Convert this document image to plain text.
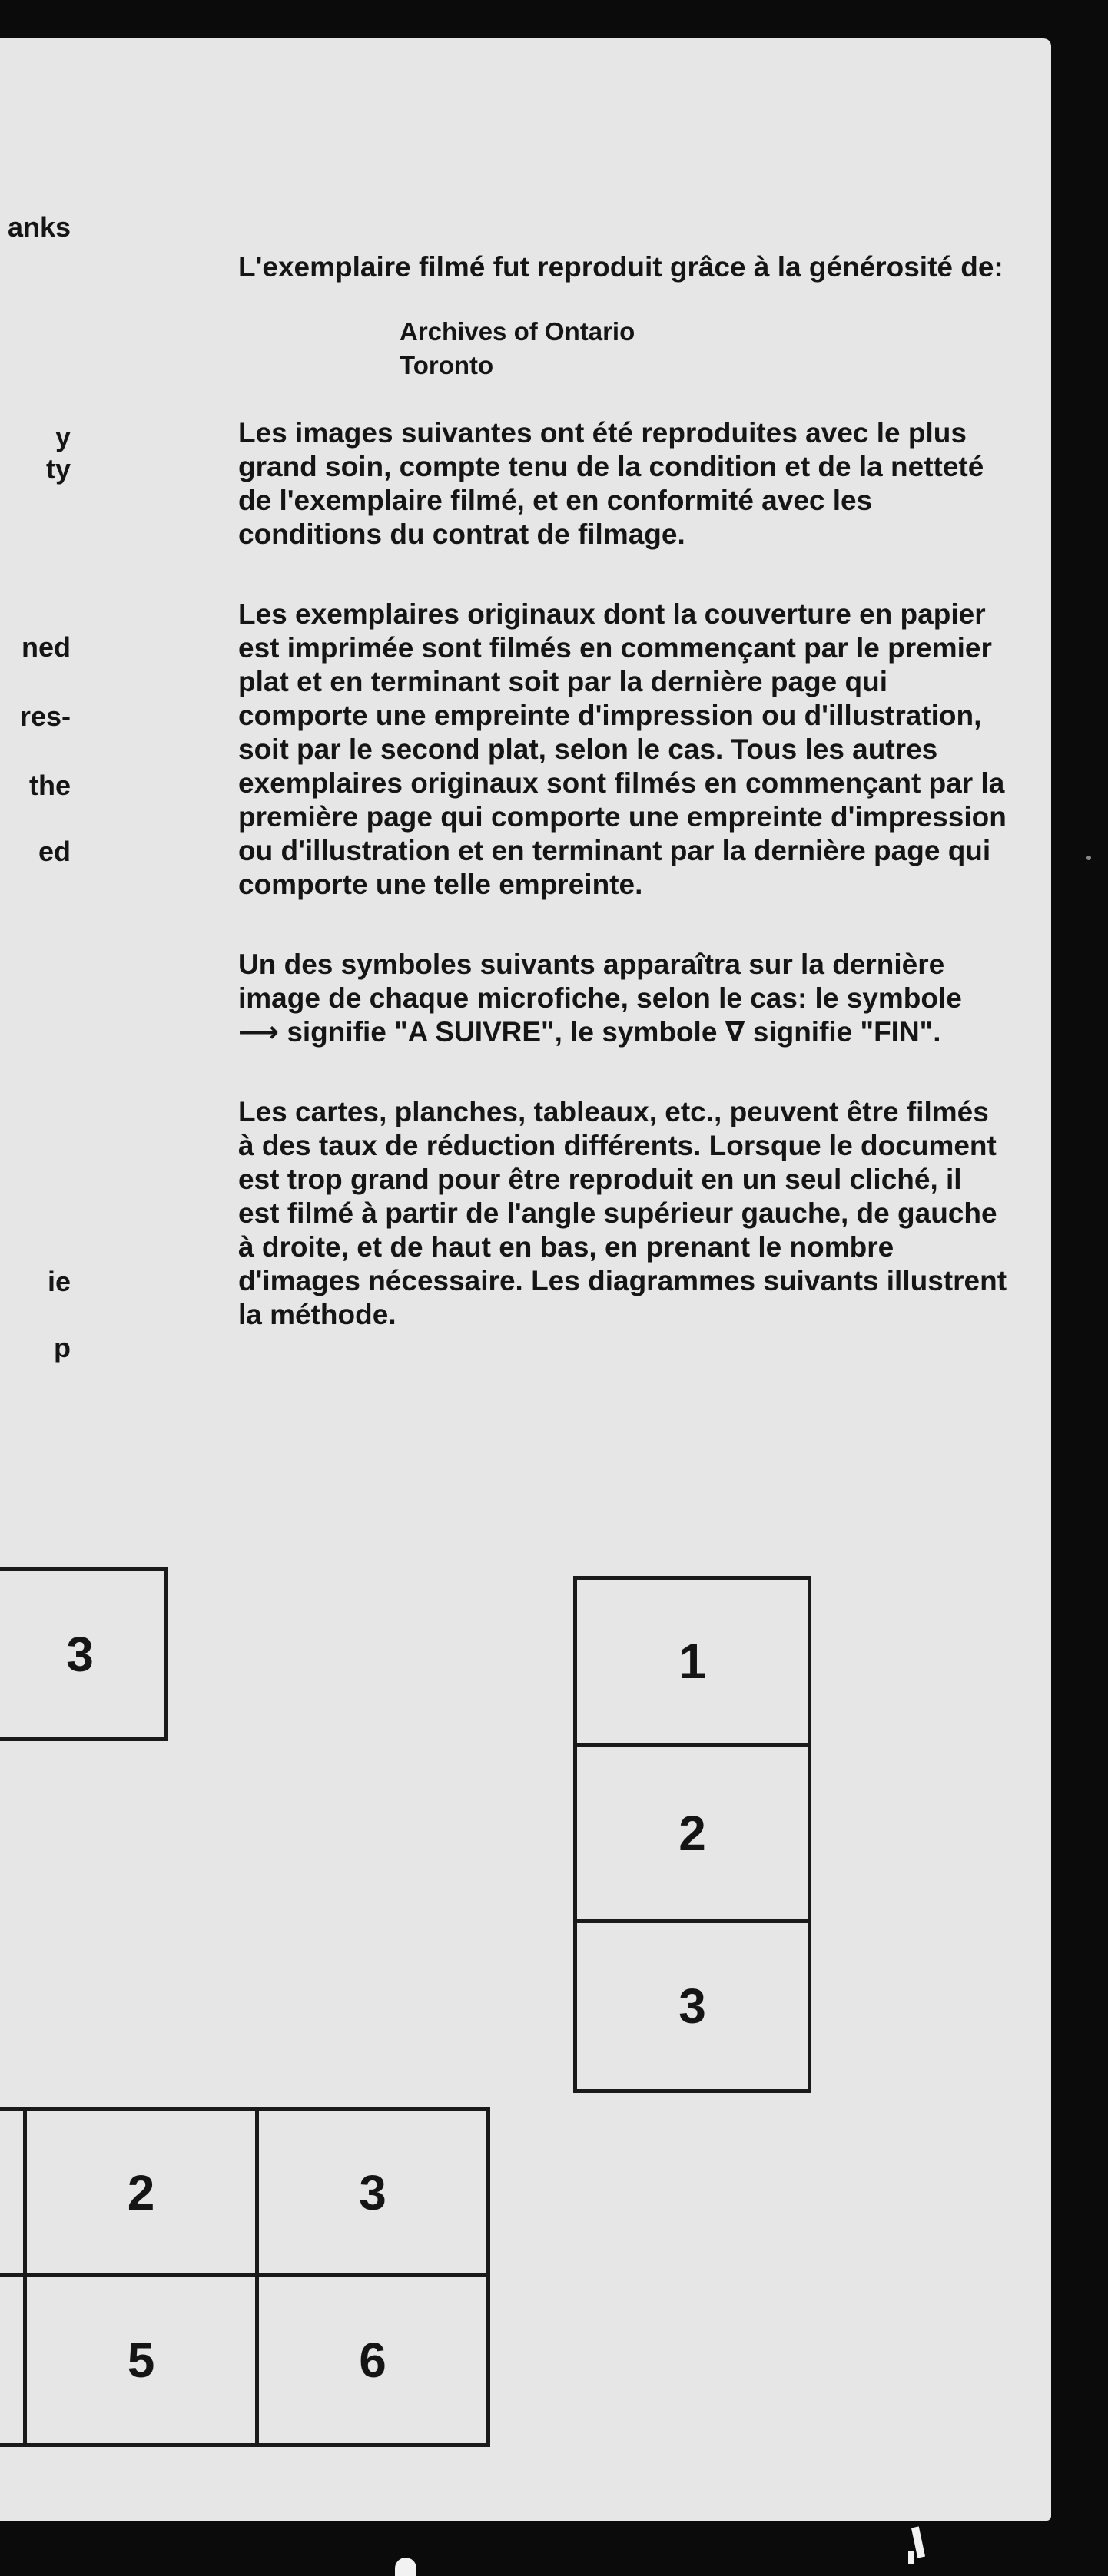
anks
y
ty
ned
res-
the
ed
ie
p

L'exemplaire filmé fut reproduit grâce à la générosité de:

Archives of Ontario
Toronto

Les images suivantes ont été reproduites avec le plus grand soin, compte tenu de la condition et de la netteté de l'exemplaire filmé, et en conformité avec les conditions du contrat de filmage.

Les exemplaires originaux dont la couverture en papier est imprimée sont filmés en commençant par le premier plat et en terminant soit par la dernière page qui comporte une empreinte d'impression ou d'illustration, soit par le second plat, selon le cas. Tous les autres exemplaires originaux sont filmés en commençant par la première page qui comporte une empreinte d'impression ou d'illustration et en terminant par la dernière page qui comporte une telle empreinte.

Un des symboles suivants apparaîtra sur la dernière image de chaque microfiche, selon le cas: le symbole ⟶ signifie "A SUIVRE", le symbole ∇ signifie "FIN".

Les cartes, planches, tableaux, etc., peuvent être filmés à des taux de réduction différents. Lorsque le document est trop grand pour être reproduit en un seul cliché, il est filmé à partir de l'angle supérieur gauche, de gauche à droite, et de haut en bas, en prenant le nombre d'images nécessaire. Les diagrammes suivants illustrent la méthode.

3	1
2
3
2	3
5	6
